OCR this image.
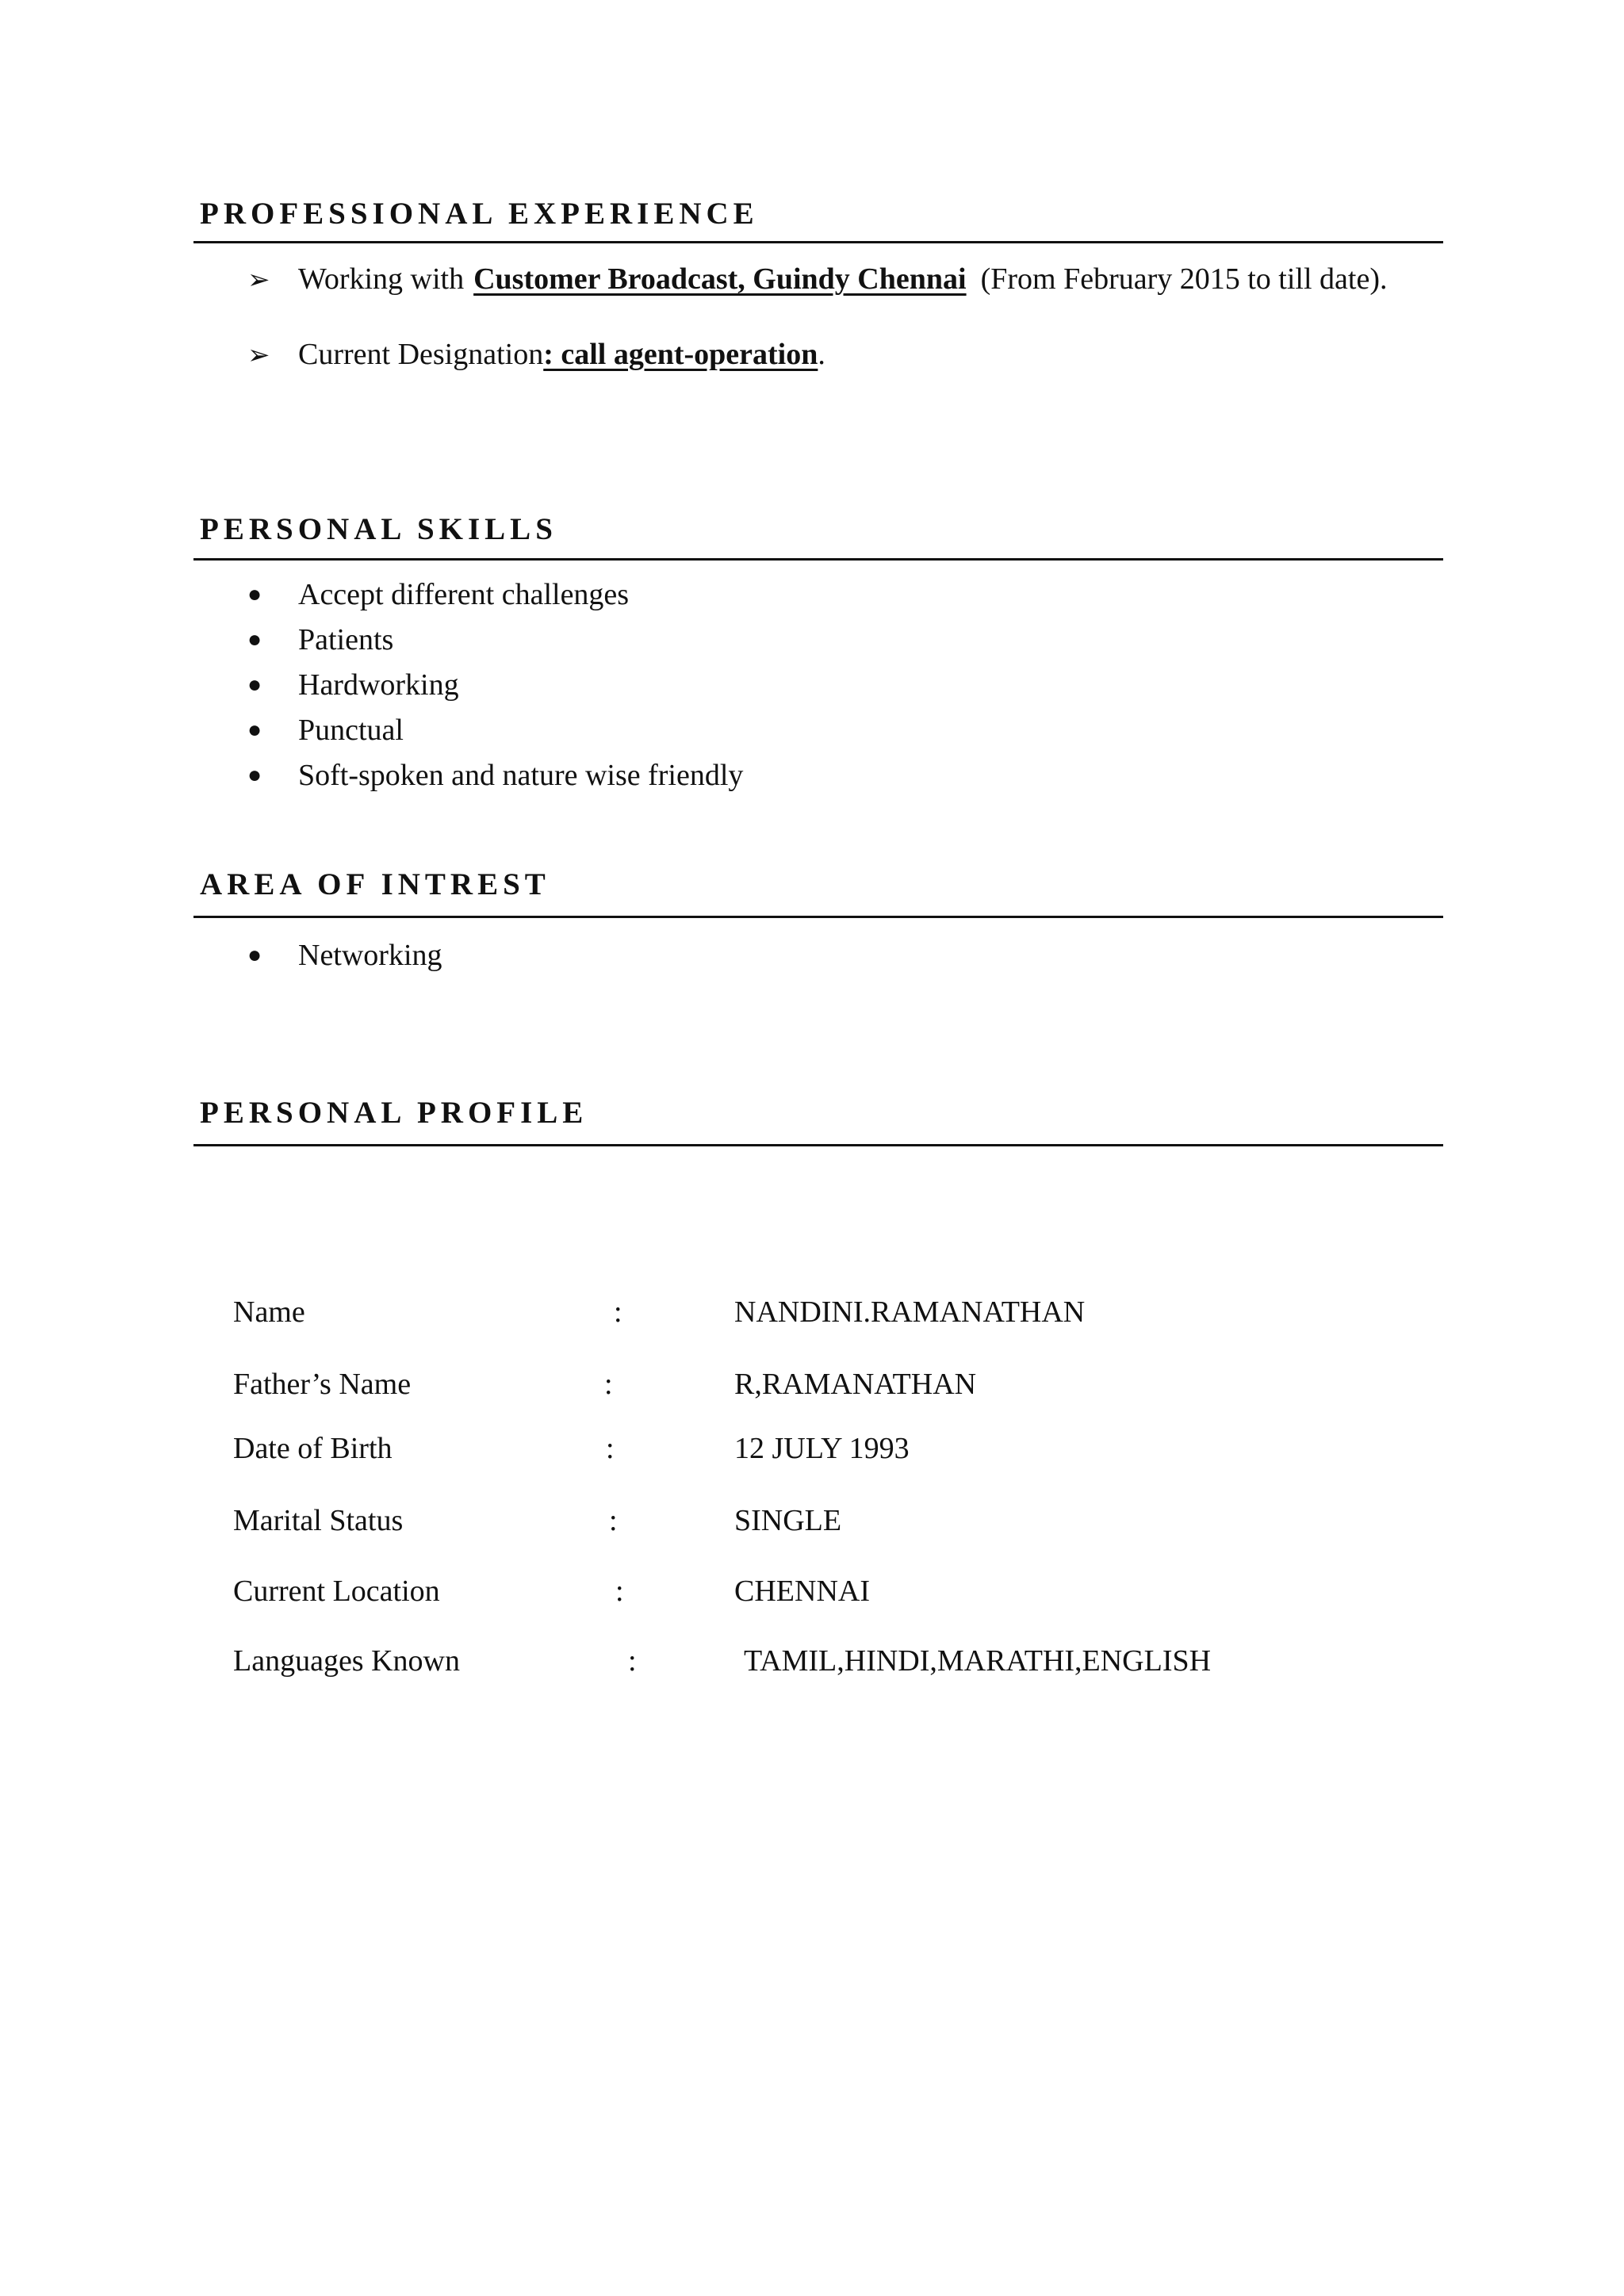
PROFESSIONAL EXPERIENCE
➢ Working with Customer Broadcast, Guindy Chennai (From February 2015 to till date).
➢ Current Designation : call agent-operation .
PERSONAL SKILLS
●	Accept different challenges
●	Patients
●	Hardworking
●	Punctual
●	Soft-spoken and nature wise friendly
AREA OF INTREST
●	Networking
PERSONAL PROFILE
Name	:	NANDINI.RAMANATHAN
Father’s Name	:	R,RAMANATHAN
Date of Birth	:	12 JULY 1993
Marital Status	:	SINGLE
Current Location	:	CHENNAI
Languages Known	:	TAMIL,HINDI,MARATHI,ENGLISH
